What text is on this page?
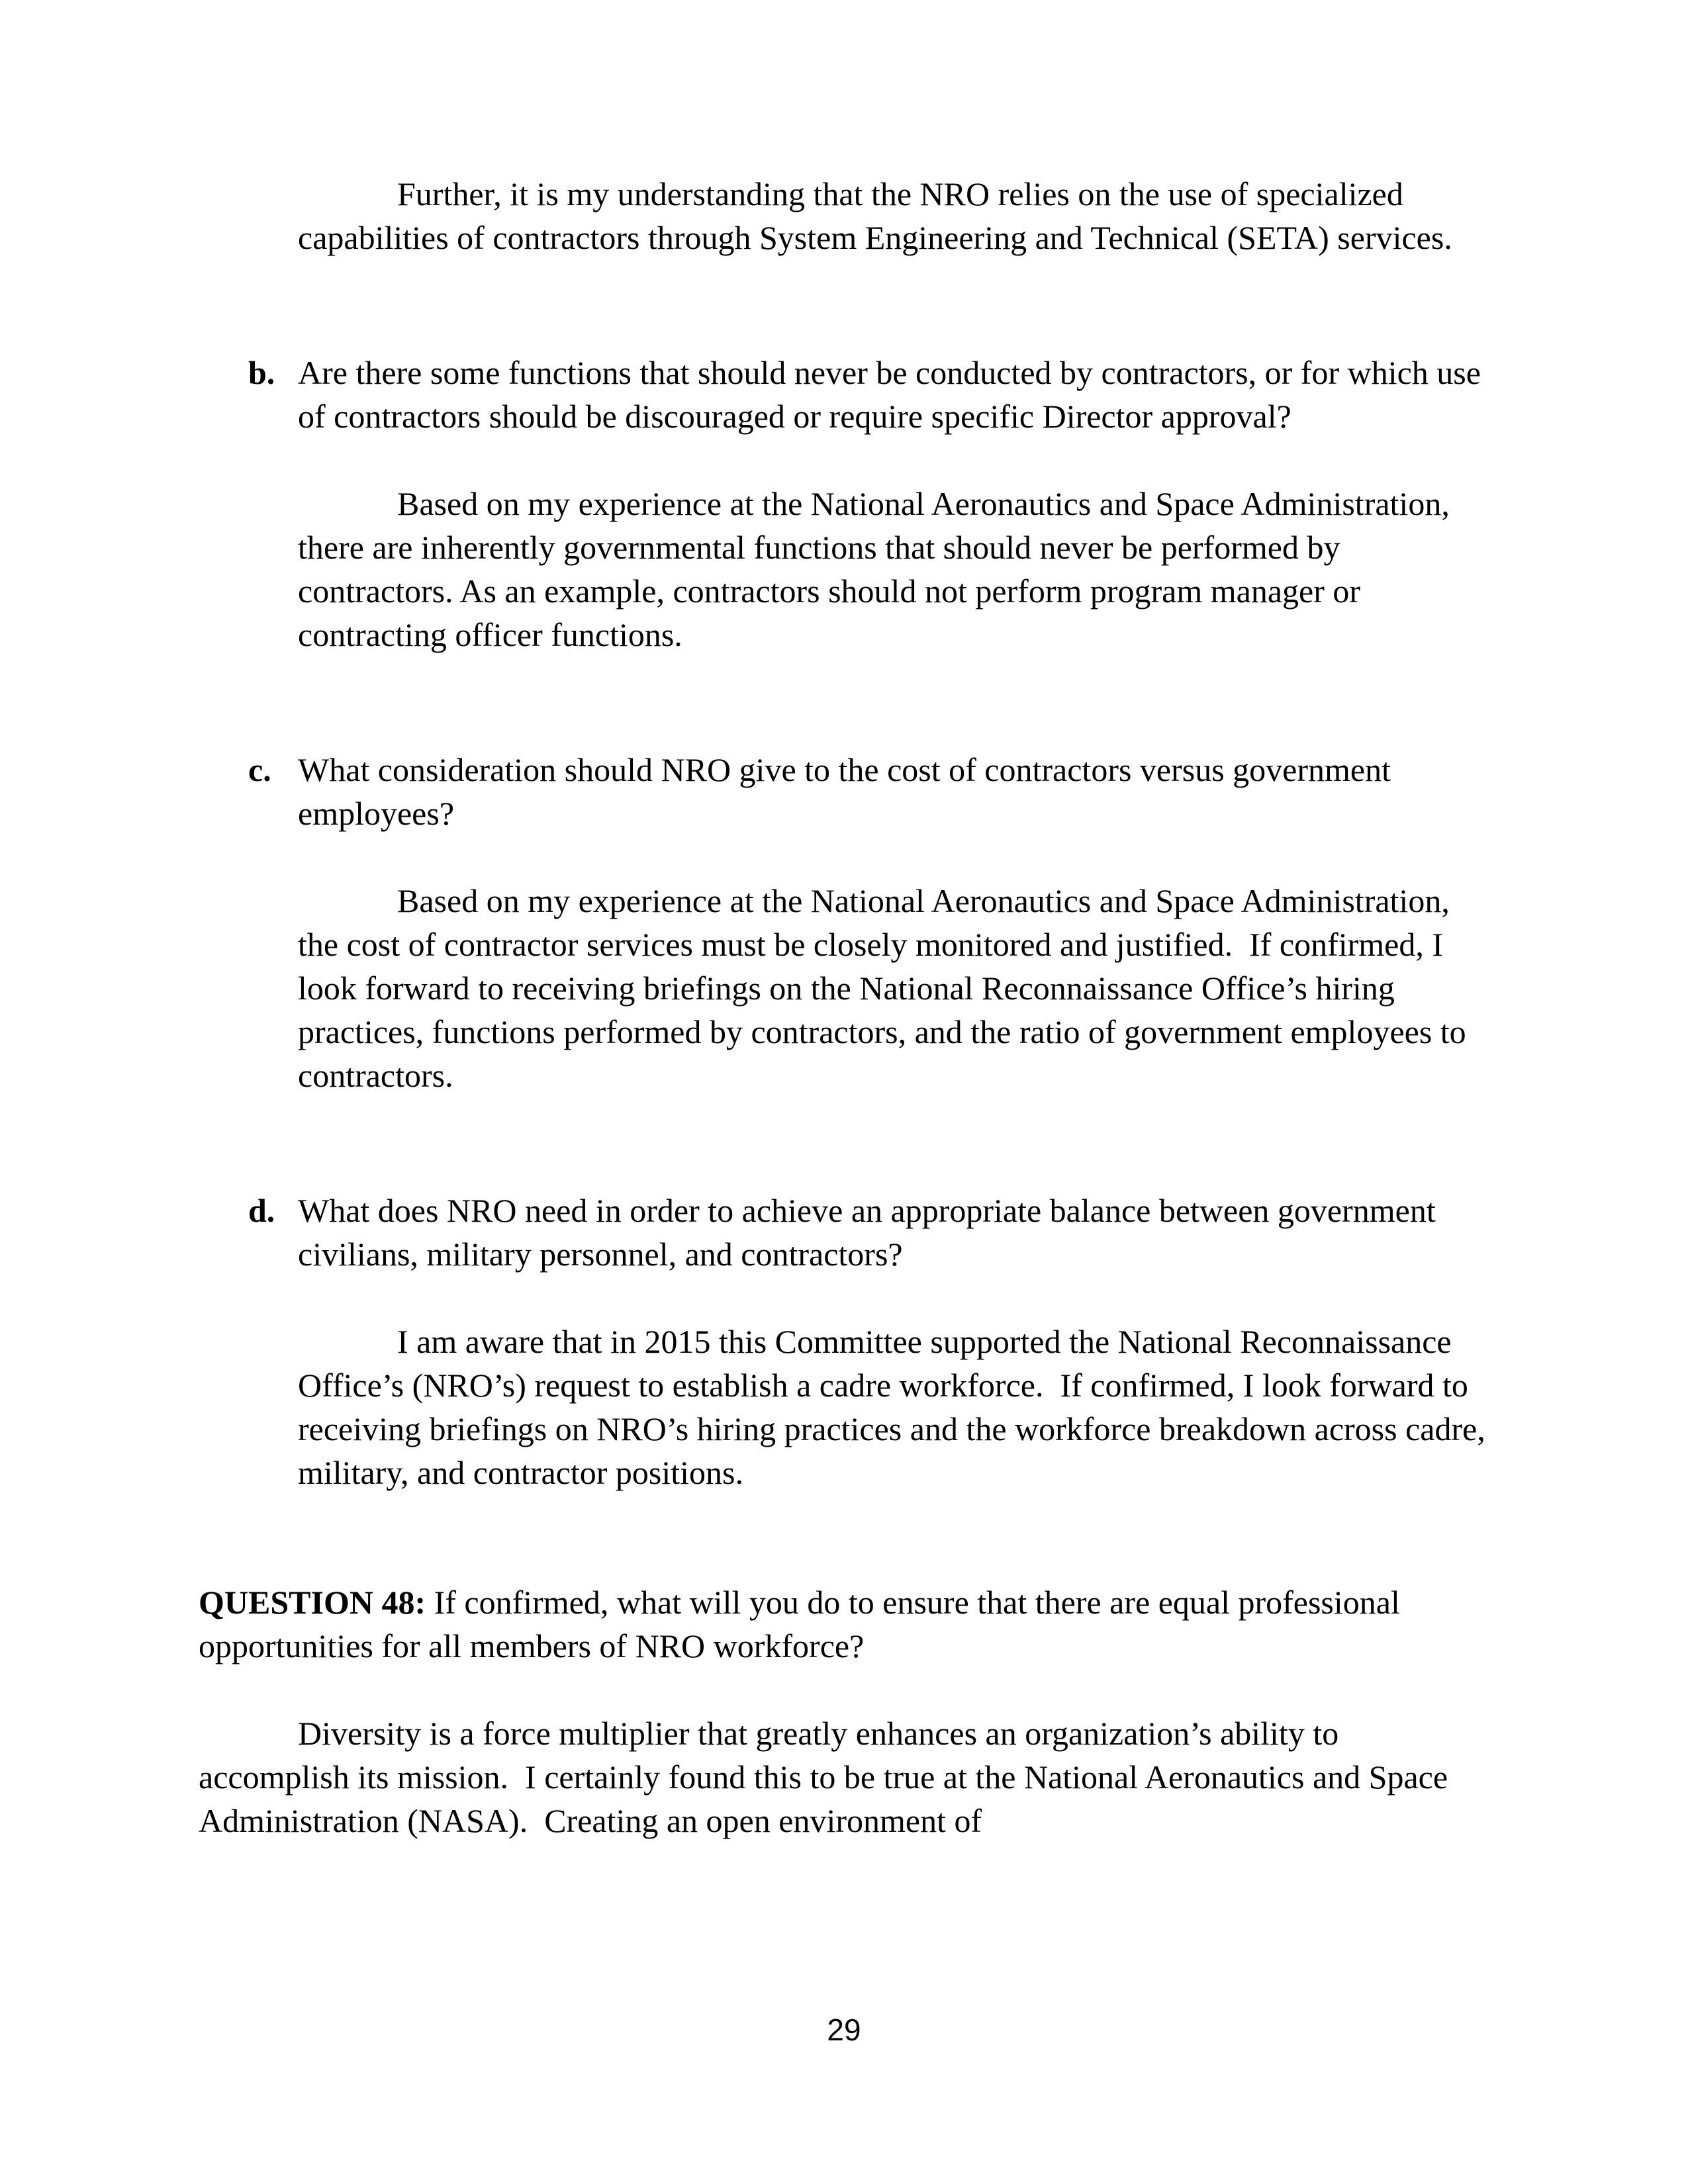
Further, it is my understanding that the NRO relies on the use of specialized capabilities of contractors through System Engineering and Technical (SETA) services.

b. Are there some functions that should never be conducted by contractors, or for which use of contractors should be discouraged or require specific Director approval?

Based on my experience at the National Aeronautics and Space Administration, there are inherently governmental functions that should never be performed by contractors. As an example, contractors should not perform program manager or contracting officer functions.

c. What consideration should NRO give to the cost of contractors versus government employees?

Based on my experience at the National Aeronautics and Space Administration, the cost of contractor services must be closely monitored and justified.  If confirmed, I look forward to receiving briefings on the National Reconnaissance Office’s hiring practices, functions performed by contractors, and the ratio of government employees to contractors.

d. What does NRO need in order to achieve an appropriate balance between government civilians, military personnel, and contractors?

I am aware that in 2015 this Committee supported the National Reconnaissance Office’s (NRO’s) request to establish a cadre workforce.  If confirmed, I look forward to receiving briefings on NRO’s hiring practices and the workforce breakdown across cadre, military, and contractor positions.

QUESTION 48: If confirmed, what will you do to ensure that there are equal professional opportunities for all members of NRO workforce?

Diversity is a force multiplier that greatly enhances an organization’s ability to accomplish its mission.  I certainly found this to be true at the National Aeronautics and Space Administration (NASA).  Creating an open environment of

29
